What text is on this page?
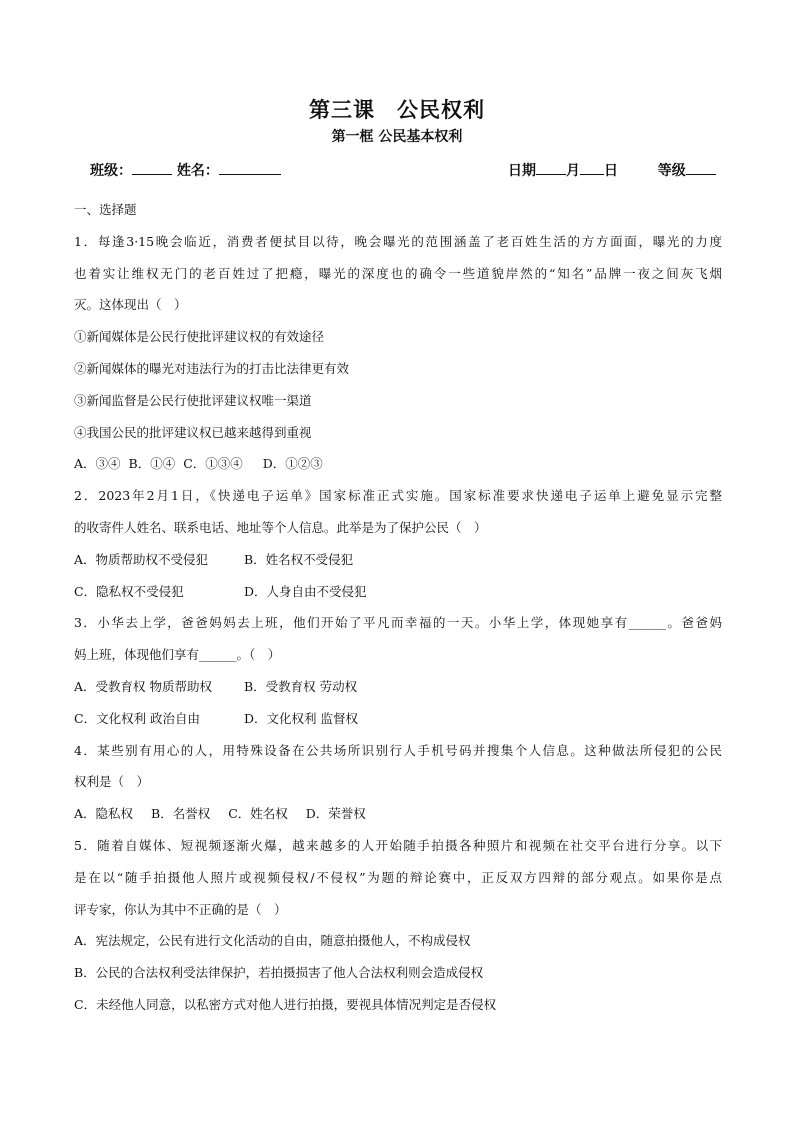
第三课　公民权利
第一框 公民基本权利
班级：	姓名：	日期 月 日	等级
一、选择题
1．每逢3·15晚会临近，消费者便拭目以待，晚会曝光的范围涵盖了老百姓生活的方方面面，曝光的力度
也着实让维权无门的老百姓过了把瘾，曝光的深度也的确令一些道貌岸然的“知名”品牌一夜之间灰飞烟
灭。这体现出（　）
①新闻媒体是公民行使批评建议权的有效途径
②新闻媒体的曝光对违法行为的打击比法律更有效
③新闻监督是公民行使批评建议权唯一渠道
④我国公民的批评建议权已越来越得到重视
A．③④ B．①④ C．①③④ D．①②③
2．2023年2月1日，《快递电子运单》国家标准正式实施。国家标准要求快递电子运单上避免显示完整
的收寄件人姓名、联系电话、地址等个人信息。此举是为了保护公民（　）
A．物质帮助权不受侵犯	B．姓名权不受侵犯
C．隐私权不受侵犯	D．人身自由不受侵犯
3．小华去上学，爸爸妈妈去上班，他们开始了平凡而幸福的一天。小华上学，体现她享有______。爸爸妈
妈上班，体现他们享有______。（　）
A．受教育权 物质帮助权	B．受教育权 劳动权
C．文化权利 政治自由	D．文化权利 监督权
4．某些别有用心的人，用特殊设备在公共场所识别行人手机号码并搜集个人信息。这种做法所侵犯的公民
权利是（　）
A．隐私权 B．名誉权 C．姓名权 D．荣誉权
5．随着自媒体、短视频逐渐火爆，越来越多的人开始随手拍摄各种照片和视频在社交平台进行分享。以下
是在以“随手拍摄他人照片或视频侵权/不侵权”为题的辩论赛中，正反双方四辩的部分观点。如果你是点
评专家，你认为其中不正确的是（　）
A．宪法规定，公民有进行文化活动的自由，随意拍摄他人，不构成侵权
B．公民的合法权利受法律保护，若拍摄损害了他人合法权利则会造成侵权
C．未经他人同意，以私密方式对他人进行拍摄，要视具体情况判定是否侵权
